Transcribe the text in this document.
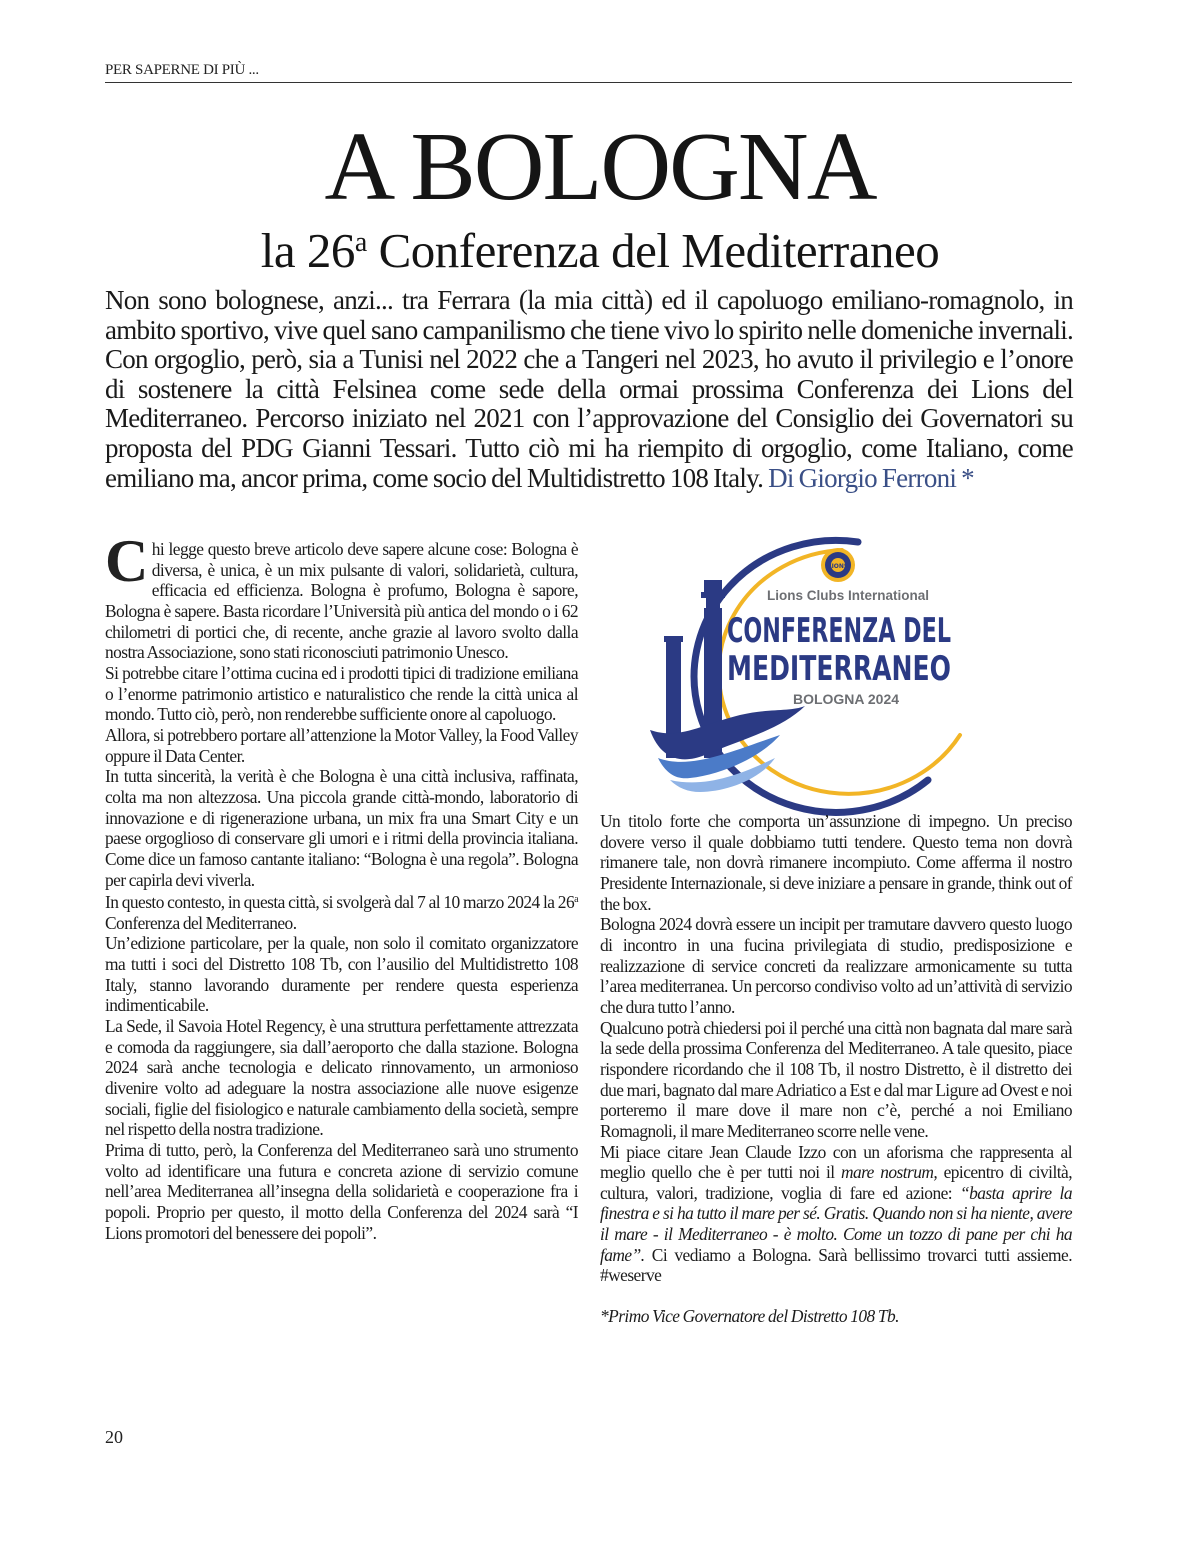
PER SAPERNE DI PIÙ ...
A BOLOGNA
la 26$^a$ Conferenza del Mediterraneo
Non sono bolognese, anzi... tra Ferrara (la mia città) ed il capoluogo emiliano-romagnolo, in ambito sportivo, vive quel sano campanilismo che tiene vivo lo spirito nelle domeniche invernali. Con orgoglio, però, sia a Tunisi nel 2022 che a Tangeri nel 2023, ho avuto il privilegio e l’onore di sostenere la città Felsinea come sede della ormai prossima Conferenza dei Lions del Mediterraneo. Percorso iniziato nel 2021 con l’approvazione del Consiglio dei Governatori su proposta del PDG Gianni Tessari. Tutto ciò mi ha riempito di orgoglio, come Italiano, come emiliano ma, ancor prima, come socio del Multidistretto 108 Italy. Di Giorgio Ferroni *
LIONS
Lions Clubs International
CONFERENZA DEL
MEDITERRANEO
BOLOGNA 2024

Chi legge questo breve articolo deve sapere alcune cose: Bologna è diversa, è unica, è un mix pulsante di valori, solidarietà, cultura, efficacia ed efficienza. Bologna è profumo, Bologna è sapore, Bologna è sapere. Basta ricordare l’Università più antica del mondo o i 62 chilometri di portici che, di recente, anche grazie al lavoro svolto dalla nostra Associazione, sono stati riconosciuti patrimonio Unesco.

Si potrebbe citare l’ottima cucina ed i prodotti tipici di tradizione emiliana o l’enorme patrimonio artistico e naturalistico che rende la città unica al mondo. Tutto ciò, però, non renderebbe sufficiente onore al capoluogo.

Allora, si potrebbero portare all’attenzione la Motor Valley, la Food Valley oppure il Data Center.

In tutta sincerità, la verità è che Bologna è una città inclusiva, raffinata, colta ma non altezzosa. Una piccola grande città-mondo, laboratorio di innovazione e di rigenerazione urbana, un mix fra una Smart City e un paese orgoglioso di conservare gli umori e i ritmi della provincia italiana. Come dice un famoso cantante italiano: “Bologna è una regola”. Bologna per capirla devi viverla.

In questo contesto, in questa città, si svolgerà dal 7 al 10 marzo 2024 la 26$^a$ Conferenza del Mediterraneo.

Un’edizione particolare, per la quale, non solo il comitato organizzatore ma tutti i soci del Distretto 108 Tb, con l’ausilio del Multidistretto 108 Italy, stanno lavorando duramente per rendere questa esperienza indimenticabile.

La Sede, il Savoia Hotel Regency, è una struttura perfettamente attrezzata e comoda da raggiungere, sia dall’aeroporto che dalla stazione. Bologna 2024 sarà anche tecnologia e delicato rinnovamento, un armonioso divenire volto ad adeguare la nostra associazione alle nuove esigenze sociali, figlie del fisiologico e naturale cambiamento della società, sempre nel rispetto della nostra tradizione.

Prima di tutto, però, la Conferenza del Mediterraneo sarà uno strumento volto ad identificare una futura e concreta azione di servizio comune nell’area Mediterranea all’insegna della solidarietà e cooperazione fra i popoli. Proprio per questo, il motto della Conferenza del 2024 sarà “I Lions promotori del benessere dei popoli”.

Un titolo forte che comporta un’assunzione di impegno. Un preciso dovere verso il quale dobbiamo tutti tendere. Questo tema non dovrà rimanere tale, non dovrà rimanere incompiuto. Come afferma il nostro Presidente Internazionale, si deve iniziare a pensare in grande, think out of the box.

Bologna 2024 dovrà essere un incipit per tramutare davvero questo luogo di incontro in una fucina privilegiata di studio, predisposizione e realizzazione di service concreti da realizzare armonicamente su tutta l’area mediterranea. Un percorso condiviso volto ad un’attività di servizio che dura tutto l’anno.

Qualcuno potrà chiedersi poi il perché una città non bagnata dal mare sarà la sede della prossima Conferenza del Mediterraneo. A tale quesito, piace rispondere ricordando che il 108 Tb, il nostro Distretto, è il distretto dei due mari, bagnato dal mare Adriatico a Est e dal mar Ligure ad Ovest e noi porteremo il mare dove il mare non c’è, perché a noi Emiliano Romagnoli, il mare Mediterraneo scorre nelle vene.

Mi piace citare Jean Claude Izzo con un aforisma che rappresenta al meglio quello che è per tutti noi il mare nostrum, epicentro di civiltà, cultura, valori, tradizione, voglia di fare ed azione: “basta aprire la finestra e si ha tutto il mare per sé. Gratis. Quando non si ha niente, avere il mare - il Mediterraneo - è molto. Come un tozzo di pane per chi ha fame”. Ci vediamo a Bologna. Sarà bellissimo trovarci tutti assieme. #weserve

*Primo Vice Governatore del Distretto 108 Tb.

20
